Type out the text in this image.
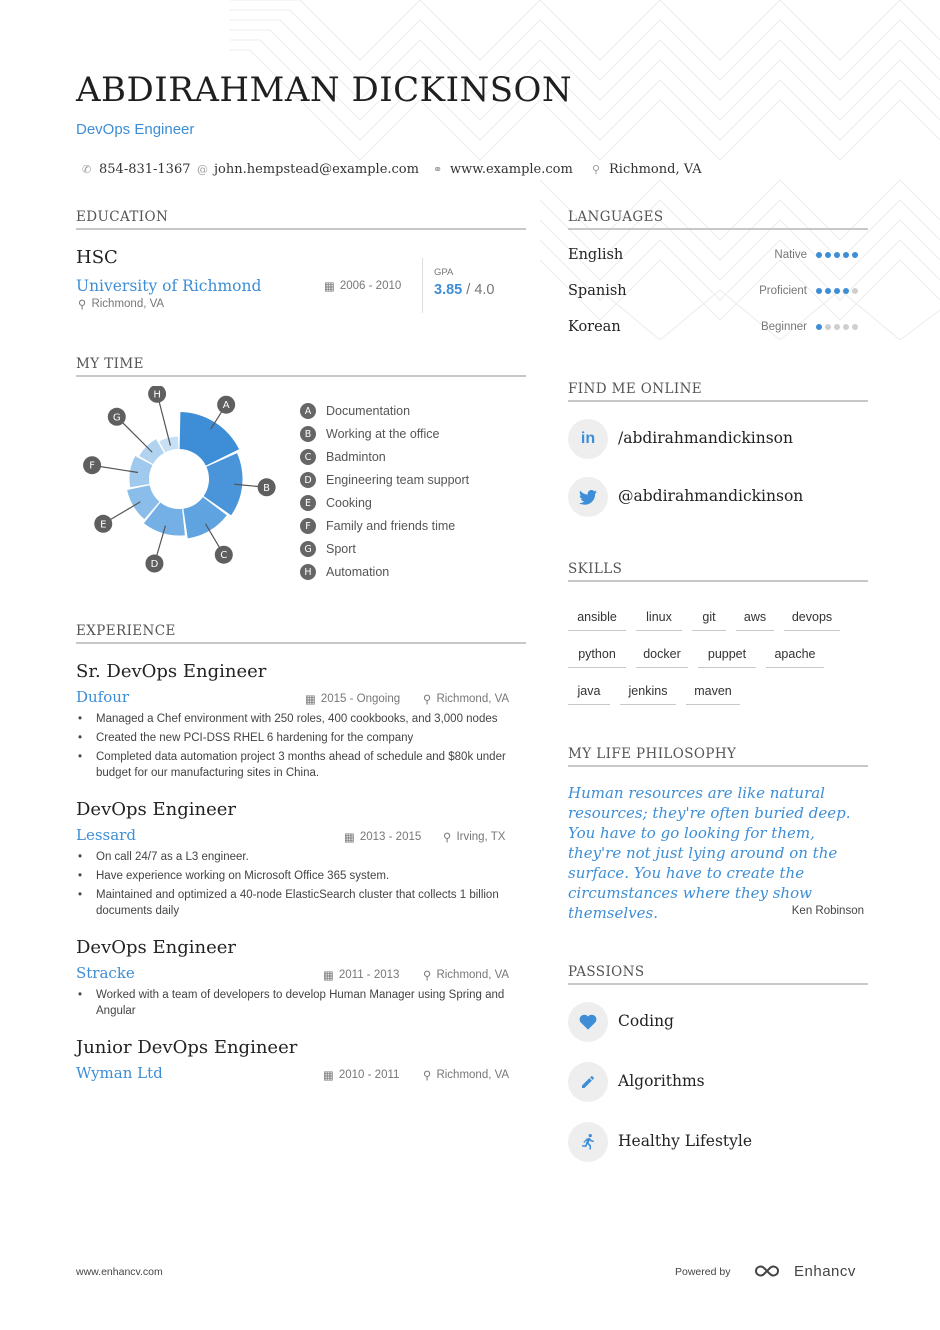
ABDIRAHMAN DICKINSON
DevOps Engineer
✆ 854-831-1367 @ john.hempstead@example.com ⚭ www.example.com ⚲ Richmond, VA
EDUCATION
HSC
University of Richmond
⚲ Richmond, VA
▦ 2006 - 2010
GPA
3.85 / 4.0
MY TIME
A
B
C
D
E
F
G
H
A	Documentation
B	Working at the office
C	Badminton
D	Engineering team support
E	Cooking
F	Family and friends time
G	Sport
H	Automation
EXPERIENCE
Sr. DevOps Engineer
Dufour	▦ 2015 - Ongoing ⚲ Richmond, VA
•	Managed a Chef environment with 250 roles, 400 cookbooks, and 3,000 nodes
•	Created the new PCI-DSS RHEL 6 hardening for the company
•	Completed data automation project 3 months ahead of schedule and $80k under budget for our manufacturing sites in China.
DevOps Engineer
Lessard	▦ 2013 - 2015 ⚲ Irving, TX
•	On call 24/7 as a L3 engineer.
•	Have experience working on Microsoft Office 365 system.
•	Maintained and optimized a 40-node ElasticSearch cluster that collects 1 billion documents daily
DevOps Engineer
Stracke	▦ 2011 - 2013 ⚲ Richmond, VA
•	Worked with a team of developers to develop Human Manager using Spring and Angular
Junior DevOps Engineer
Wyman Ltd	▦ 2010 - 2011 ⚲ Richmond, VA
LANGUAGES
English	Native
Spanish	Proficient
Korean	Beginner
FIND ME ONLINE
in	/abdirahmandickinson
@abdirahmandickinson
SKILLS
ansible	linux	git	aws	devops
python	docker	puppet	apache
java	jenkins	maven
MY LIFE PHILOSOPHY
Human resources are like natural resources; they're often buried deep. You have to go looking for them, they're not just lying around on the surface. You have to create the circumstances where they show themselves.	Ken Robinson
PASSIONS
Coding
Algorithms
Healthy Lifestyle
www.enhancv.com	Powered by	Enhancv
